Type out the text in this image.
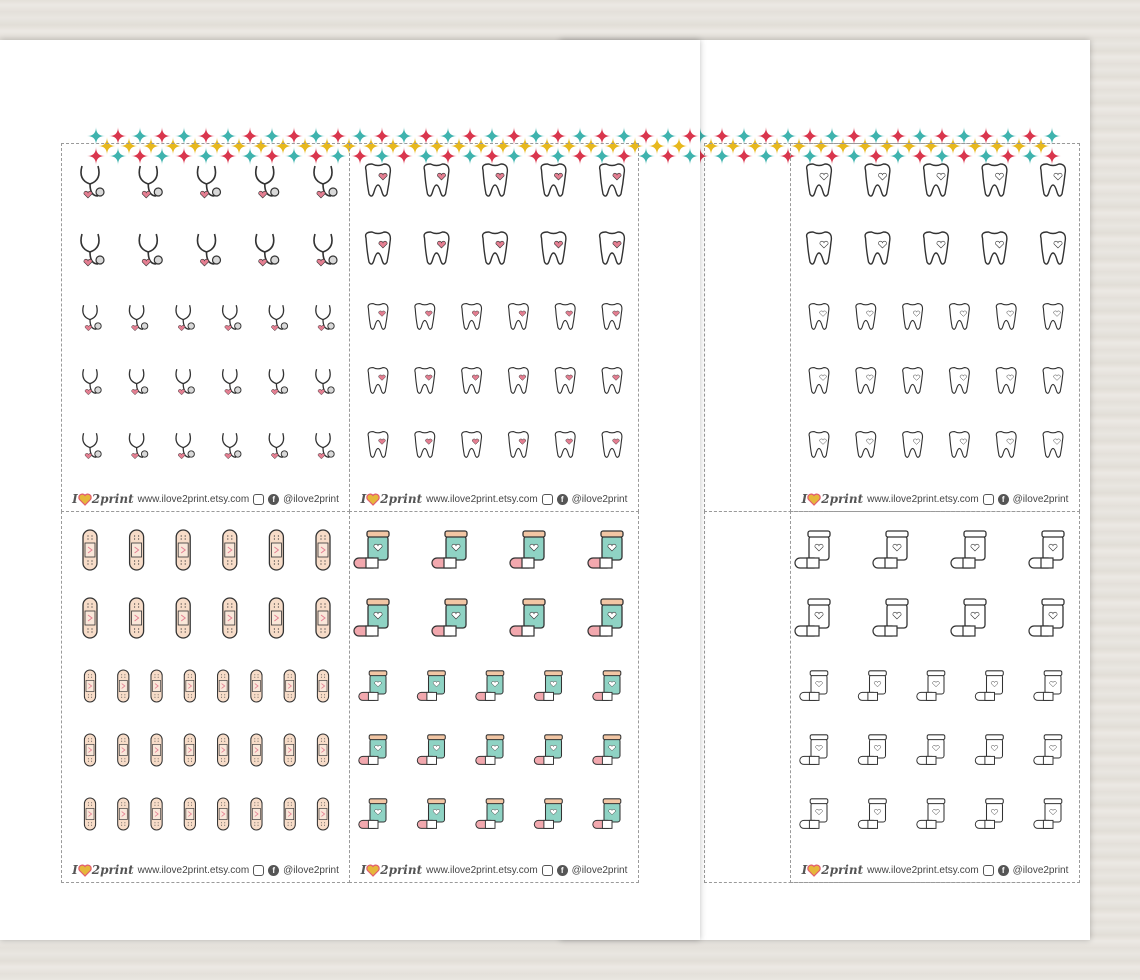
I 2print www.ilove2print.etsy.com	f @ilove2print
I 2print www.ilove2print.etsy.com	f @ilove2print
I 2print www.ilove2print.etsy.com	f @ilove2print I 2print www.ilove2print.etsy.com	f @ilove2print
I 2print www.ilove2print.etsy.com	f @ilove2print I 2print www.ilove2print.etsy.com	f @ilove2print
